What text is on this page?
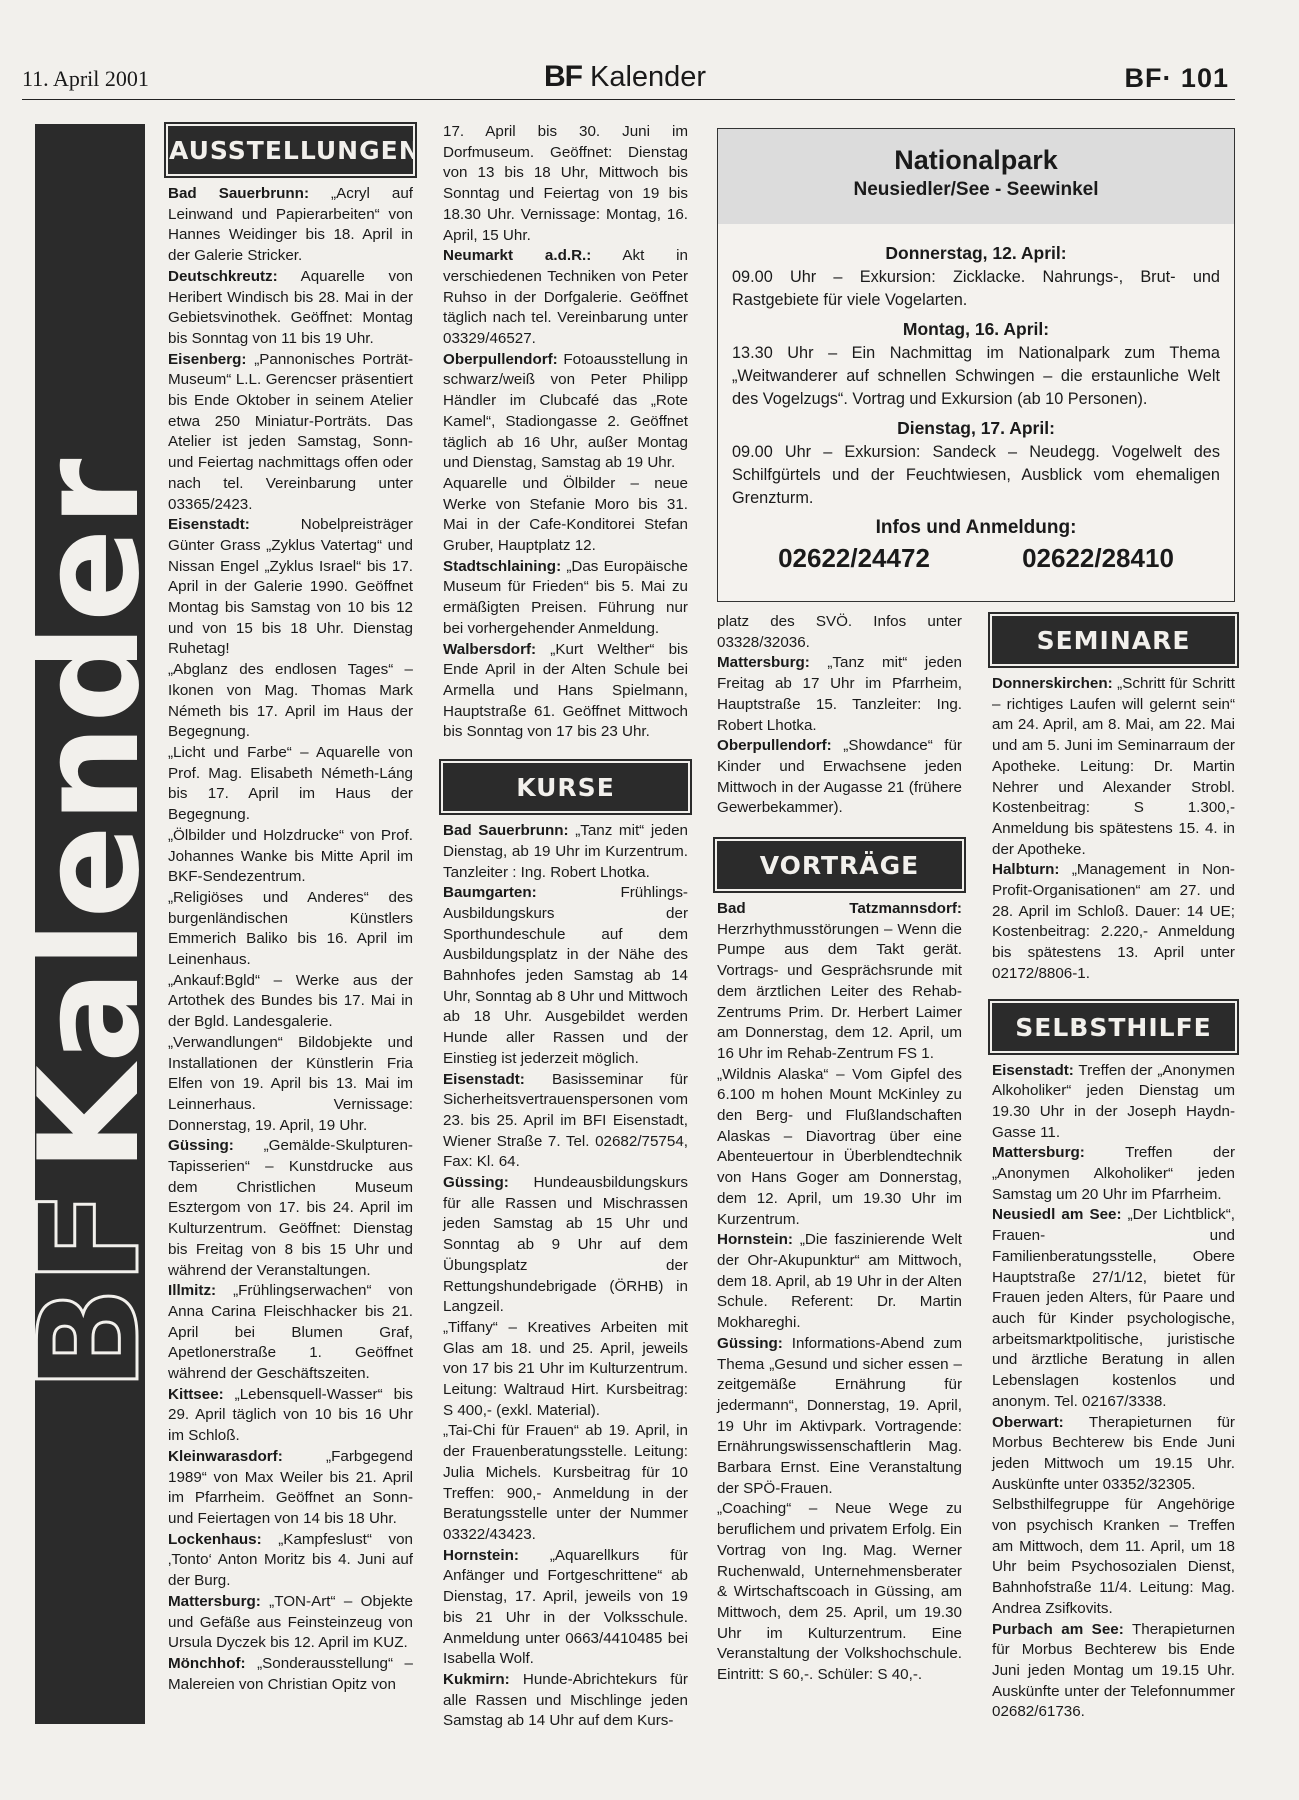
11. April 2001	BF Kalender	BF· 101
BFKalender
AUSSTELLUNGEN

Bad Sauerbrunn: „Acryl auf Leinwand und Papierarbeiten“ von Hannes Weidinger bis 18. April in der Galerie Stricker.

Deutschkreutz: Aquarelle von Heribert Windisch bis 28. Mai in der Gebietsvinothek. Geöffnet: Montag bis Sonntag von 11 bis 19 Uhr.

Eisenberg: „Pannonisches Porträt-Museum“ L.L. Gerencser präsentiert bis Ende Oktober in seinem Atelier etwa 250 Miniatur-Porträts. Das Atelier ist jeden Samstag, Sonn- und Feiertag nachmittags offen oder nach tel. Vereinbarung unter 03365/2423.

Eisenstadt: Nobelpreisträger Günter Grass „Zyklus Vatertag“ und Nissan Engel „Zyklus Israel“ bis 17. April in der Galerie 1990. Geöffnet Montag bis Samstag von 10 bis 12 und von 15 bis 18 Uhr. Dienstag Ruhetag!

„Abglanz des endlosen Tages“ – Ikonen von Mag. Thomas Mark Németh bis 17. April im Haus der Begegnung.

„Licht und Farbe“ – Aquarelle von Prof. Mag. Elisabeth Németh-Láng bis 17. April im Haus der Begegnung.

„Ölbilder und Holzdrucke“ von Prof. Johannes Wanke bis Mitte April im BKF-Sendezentrum.

„Religiöses und Anderes“ des burgenländischen Künstlers Emmerich Baliko bis 16. April im Leinenhaus.

„Ankauf:Bgld“ – Werke aus der Artothek des Bundes bis 17. Mai in der Bgld. Landesgalerie.

„Verwandlungen“ Bildobjekte und Installationen der Künstlerin Fria Elfen von 19. April bis 13. Mai im Leinnerhaus. Vernissage: Donnerstag, 19. April, 19 Uhr.

Güssing: „Gemälde-Skulpturen-Tapisserien“ – Kunstdrucke aus dem Christlichen Museum Esztergom von 17. bis 24. April im Kulturzentrum. Geöffnet: Dienstag bis Freitag von 8 bis 15 Uhr und während der Veranstaltungen.

Illmitz: „Frühlingserwachen“ von Anna Carina Fleischhacker bis 21. April bei Blumen Graf, Apetlonerstraße 1. Geöffnet während der Geschäftszeiten.

Kittsee: „Lebensquell-Wasser“ bis 29. April täglich von 10 bis 16 Uhr im Schloß.

Kleinwarasdorf: „Farbgegend 1989“ von Max Weiler bis 21. April im Pfarrheim. Geöffnet an Sonn- und Feiertagen von 14 bis 18 Uhr.

Lockenhaus: „Kampfeslust“ von ‚Tonto‘ Anton Moritz bis 4. Juni auf der Burg.

Mattersburg: „TON-Art“ – Objekte und Gefäße aus Feinsteinzeug von Ursula Dyczek bis 12. April im KUZ.

Mönchhof: „Sonderausstellung“ – Malereien von Christian Opitz von

17. April bis 30. Juni im Dorfmuseum. Geöffnet: Dienstag von 13 bis 18 Uhr, Mittwoch bis Sonntag und Feiertag von 19 bis 18.30 Uhr. Vernissage: Montag, 16. April, 15 Uhr.

Neumarkt a.d.R.: Akt in verschiedenen Techniken von Peter Ruhso in der Dorfgalerie. Geöffnet täglich nach tel. Vereinbarung unter 03329/46527.

Oberpullendorf: Fotoausstellung in schwarz/weiß von Peter Philipp Händler im Clubcafé das „Rote Kamel“, Stadiongasse 2. Geöffnet täglich ab 16 Uhr, außer Montag und Dienstag, Samstag ab 19 Uhr.

Aquarelle und Ölbilder – neue Werke von Stefanie Moro bis 31. Mai in der Cafe-Konditorei Stefan Gruber, Hauptplatz 12.

Stadtschlaining: „Das Europäische Museum für Frieden“ bis 5. Mai zu ermäßigten Preisen. Führung nur bei vorhergehender Anmeldung.

Walbersdorf: „Kurt Welther“ bis Ende April in der Alten Schule bei Armella und Hans Spielmann, Hauptstraße 61. Geöffnet Mittwoch bis Sonntag von 17 bis 23 Uhr.

KURSE

Bad Sauerbrunn: „Tanz mit“ jeden Dienstag, ab 19 Uhr im Kurzentrum. Tanzleiter : Ing. Robert Lhotka.

Baumgarten: Frühlings-Ausbildungskurs der Sporthundeschule auf dem Ausbildungsplatz in der Nähe des Bahnhofes jeden Samstag ab 14 Uhr, Sonntag ab 8 Uhr und Mittwoch ab 18 Uhr. Ausgebildet werden Hunde aller Rassen und der Einstieg ist jederzeit möglich.

Eisenstadt: Basisseminar für Sicherheitsvertrauenspersonen vom 23. bis 25. April im BFI Eisenstadt, Wiener Straße 7. Tel. 02682/75754, Fax: Kl. 64.

Güssing: Hundeausbildungskurs für alle Rassen und Mischrassen jeden Samstag ab 15 Uhr und Sonntag ab 9 Uhr auf dem Übungsplatz der Rettungshundebrigade (ÖRHB) in Langzeil.

„Tiffany“ – Kreatives Arbeiten mit Glas am 18. und 25. April, jeweils von 17 bis 21 Uhr im Kulturzentrum. Leitung: Waltraud Hirt. Kursbeitrag: S 400,- (exkl. Material).

„Tai-Chi für Frauen“ ab 19. April, in der Frauenberatungsstelle. Leitung: Julia Michels. Kursbeitrag für 10 Treffen: 900,- Anmeldung in der Beratungsstelle unter der Nummer 03322/43423.

Hornstein: „Aquarellkurs für Anfänger und Fortgeschrittene“ ab Dienstag, 17. April, jeweils von 19 bis 21 Uhr in der Volksschule. Anmeldung unter 0663/4410485 bei Isabella Wolf.

Kukmirn: Hunde-Abrichtekurs für alle Rassen und Mischlinge jeden Samstag ab 14 Uhr auf dem Kurs-

Nationalpark
Neusiedler/See - Seewinkel
Donnerstag, 12. April:
09.00 Uhr – Exkursion: Zicklacke. Nahrungs-, Brut- und Rastgebiete für viele Vogelarten.
Montag, 16. April:
13.30 Uhr – Ein Nachmittag im Nationalpark zum Thema „Weitwanderer auf schnellen Schwingen – die erstaunliche Welt des Vogelzugs“. Vortrag und Exkursion (ab 10 Personen).
Dienstag, 17. April:
09.00 Uhr – Exkursion: Sandeck – Neudegg. Vogelwelt des Schilfgürtels und der Feuchtwiesen, Ausblick vom ehemaligen Grenzturm.
Infos und Anmeldung:
02622/24472	02622/28410

platz des SVÖ. Infos unter 03328/32036.

Mattersburg: „Tanz mit“ jeden Freitag ab 17 Uhr im Pfarrheim, Hauptstraße 15. Tanzleiter: Ing. Robert Lhotka.

Oberpullendorf: „Showdance“ für Kinder und Erwachsene jeden Mittwoch in der Augasse 21 (frühere Gewerbekammer).

VORTRÄGE

Bad Tatzmannsdorf: Herzrhythmusstörungen – Wenn die Pumpe aus dem Takt gerät. Vortrags- und Gesprächsrunde mit dem ärztlichen Leiter des Rehab-Zentrums Prim. Dr. Herbert Laimer am Donnerstag, dem 12. April, um 16 Uhr im Rehab-Zentrum FS 1.

„Wildnis Alaska“ – Vom Gipfel des 6.100 m hohen Mount McKinley zu den Berg- und Flußlandschaften Alaskas – Diavortrag über eine Abenteuertour in Überblendtechnik von Hans Goger am Donnerstag, dem 12. April, um 19.30 Uhr im Kurzentrum.

Hornstein: „Die faszinierende Welt der Ohr-Akupunktur“ am Mittwoch, dem 18. April, ab 19 Uhr in der Alten Schule. Referent: Dr. Martin Mokhareghi.

Güssing: Informations-Abend zum Thema „Gesund und sicher essen – zeitgemäße Ernährung für jedermann“, Donnerstag, 19. April, 19 Uhr im Aktivpark. Vortragende: Ernährungswissenschaftlerin Mag. Barbara Ernst. Eine Veranstaltung der SPÖ-Frauen.

„Coaching“ – Neue Wege zu beruflichem und privatem Erfolg. Ein Vortrag von Ing. Mag. Werner Ruchenwald, Unternehmensberater & Wirtschaftscoach in Güssing, am Mittwoch, dem 25. April, um 19.30 Uhr im Kulturzentrum. Eine Veranstaltung der Volkshochschule. Eintritt: S 60,-. Schüler: S 40,-.

SEMINARE

Donnerskirchen: „Schritt für Schritt – richtiges Laufen will gelernt sein“ am 24. April, am 8. Mai, am 22. Mai und am 5. Juni im Seminarraum der Apotheke. Leitung: Dr. Martin Nehrer und Alexander Strobl. Kostenbeitrag: S 1.300,- Anmeldung bis spätestens 15. 4. in der Apotheke.

Halbturn: „Management in Non-Profit-Organisationen“ am 27. und 28. April im Schloß. Dauer: 14 UE; Kostenbeitrag: 2.220,- Anmeldung bis spätestens 13. April unter 02172/8806-1.

SELBSTHILFE

Eisenstadt: Treffen der „Anonymen Alkoholiker“ jeden Dienstag um 19.30 Uhr in der Joseph Haydn-Gasse 11.

Mattersburg: Treffen der „Anonymen Alkoholiker“ jeden Samstag um 20 Uhr im Pfarrheim.

Neusiedl am See: „Der Lichtblick“, Frauen- und Familienberatungsstelle, Obere Hauptstraße 27/1/12, bietet für Frauen jeden Alters, für Paare und auch für Kinder psychologische, arbeitsmarktpolitische, juristische und ärztliche Beratung in allen Lebenslagen kostenlos und anonym. Tel. 02167/3338.

Oberwart: Therapieturnen für Morbus Bechterew bis Ende Juni jeden Mittwoch um 19.15 Uhr. Auskünfte unter 03352/32305.

Selbsthilfegruppe für Angehörige von psychisch Kranken – Treffen am Mittwoch, dem 11. April, um 18 Uhr beim Psychosozialen Dienst, Bahnhofstraße 11/4. Leitung: Mag. Andrea Zsifkovits.

Purbach am See: Therapieturnen für Morbus Bechterew bis Ende Juni jeden Montag um 19.15 Uhr. Auskünfte unter der Telefonnummer 02682/61736.
